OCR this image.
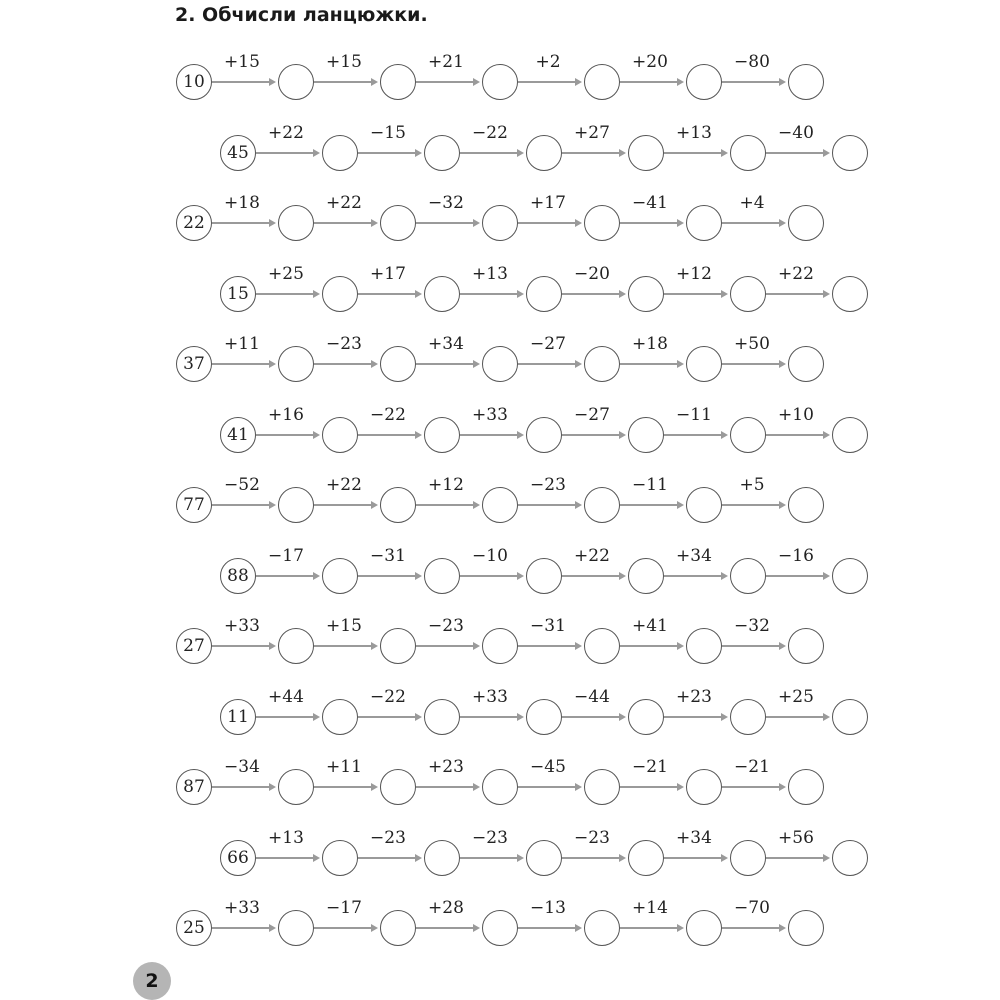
2. Обчисли ланцюжки.
10
+15	+15	+21	+2	+20	−80
45
+22	−15	−22	+27	+13	−40
22
+18	+22	−32	+17	−41	+4
15
+25	+17	+13	−20	+12	+22
37
+11	−23	+34	−27	+18	+50
41
+16	−22	+33	−27	−11	+10
77
−52	+22	+12	−23	−11	+5
88
−17	−31	−10	+22	+34	−16
27
+33	+15	−23	−31	+41	−32
11
+44	−22	+33	−44	+23	+25
87
−34	+11	+23	−45	−21	−21
66
+13	−23	−23	−23	+34	+56
25
+33	−17	+28	−13	+14	−70
2
